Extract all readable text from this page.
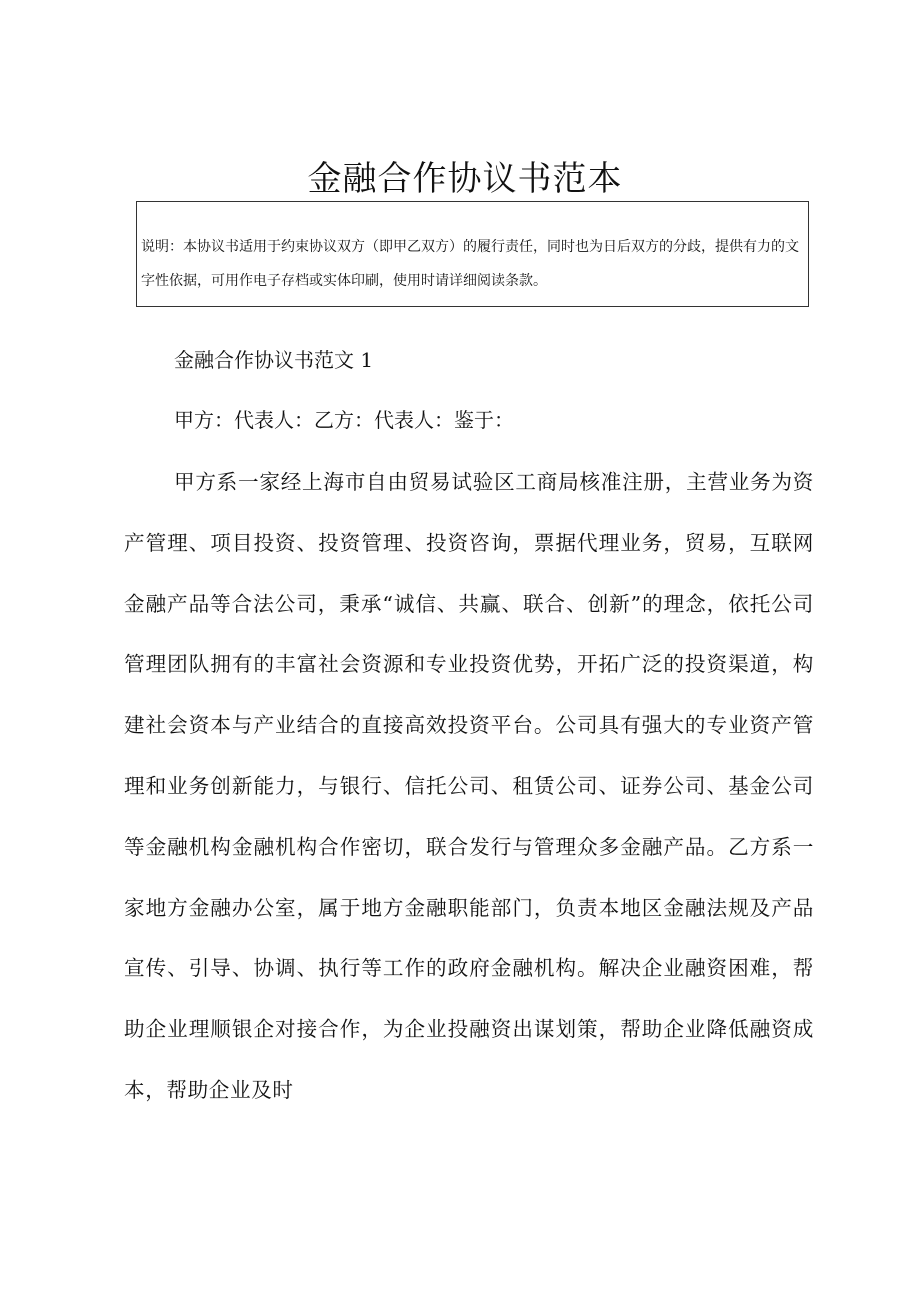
金融合作协议书范本

说明：本协议书适用于约束协议双方（即甲乙双方）的履行责任，同时也为日后双方的分歧，提供有力的文字性依据，可用作电子存档或实体印刷，使用时请详细阅读条款。

金融合作协议书范文 1

甲方：代表人：乙方：代表人：鉴于：

甲方系一家经上海市自由贸易试验区工商局核准注册，主营业务为资产管理、项目投资、投资管理、投资咨询，票据代理业务，贸易，互联网金融产品等合法公司，秉承“诚信、共赢、联合、创新”的理念，依托公司管理团队拥有的丰富社会资源和专业投资优势，开拓广泛的投资渠道，构建社会资本与产业结合的直接高效投资平台。公司具有强大的专业资产管理和业务创新能力，与银行、信托公司、租赁公司、证券公司、基金公司等金融机构金融机构合作密切，联合发行与管理众多金融产品。乙方系一家地方金融办公室，属于地方金融职能部门，负责本地区金融法规及产品宣传、引导、协调、执行等工作的政府金融机构。解决企业融资困难，帮助企业理顺银企对接合作，为企业投融资出谋划策，帮助企业降低融资成本，帮助企业及时
